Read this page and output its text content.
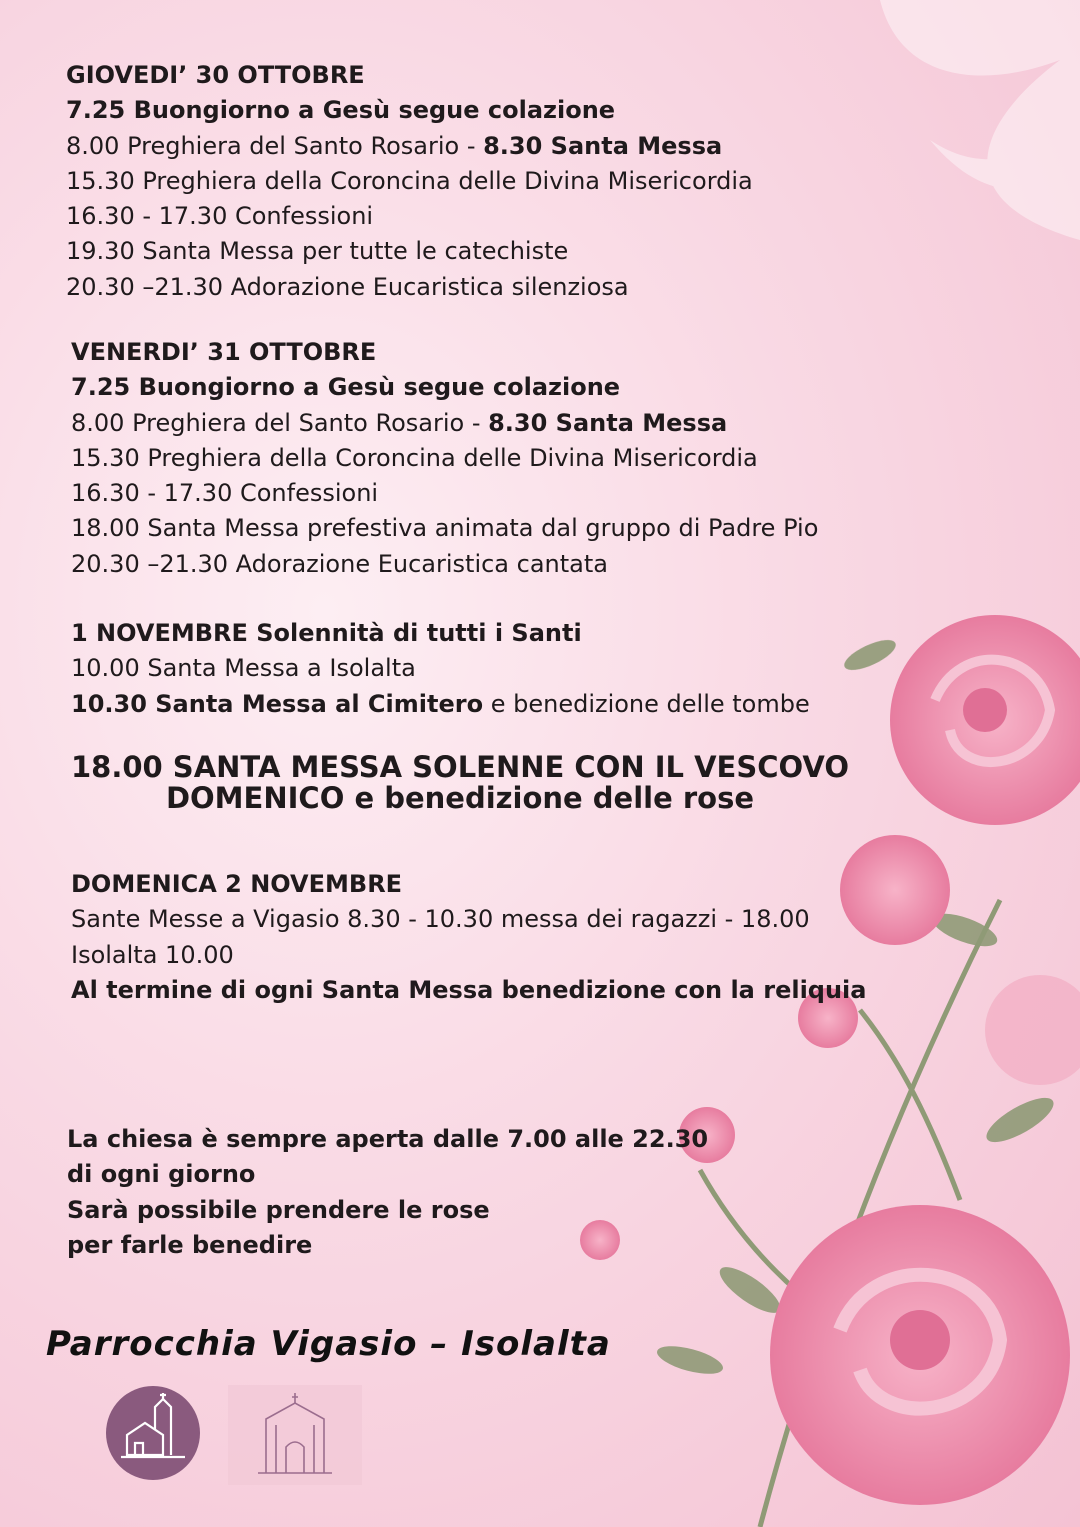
GIOVEDI’ 30 OTTOBRE
7.25 Buongiorno a Gesù segue colazione
8.00 Preghiera del Santo Rosario - 8.30 Santa Messa
15.30 Preghiera della Coroncina delle Divina Misericordia
16.30 - 17.30 Confessioni
19.30 Santa Messa per tutte le catechiste
20.30 –21.30 Adorazione Eucaristica silenziosa
VENERDI’ 31 OTTOBRE
7.25 Buongiorno a Gesù segue colazione
8.00 Preghiera del Santo Rosario - 8.30 Santa Messa
15.30 Preghiera della Coroncina delle Divina Misericordia
16.30 - 17.30 Confessioni
18.00 Santa Messa prefestiva animata dal gruppo di Padre Pio
20.30 –21.30 Adorazione Eucaristica cantata
1 NOVEMBRE Solennità di tutti i Santi
10.00 Santa Messa a Isolalta
10.30 Santa Messa al Cimitero e benedizione delle tombe
18.00 SANTA MESSA SOLENNE CON IL VESCOVO
DOMENICO e benedizione delle rose
DOMENICA 2 NOVEMBRE
Sante Messe a Vigasio 8.30 - 10.30 messa dei ragazzi - 18.00
Isolalta 10.00
Al termine di ogni Santa Messa benedizione con la reliquia
La chiesa è sempre aperta dalle 7.00 alle 22.30
di ogni giorno
Sarà possibile prendere le rose
per farle benedire
Parrocchia Vigasio – Isolalta
